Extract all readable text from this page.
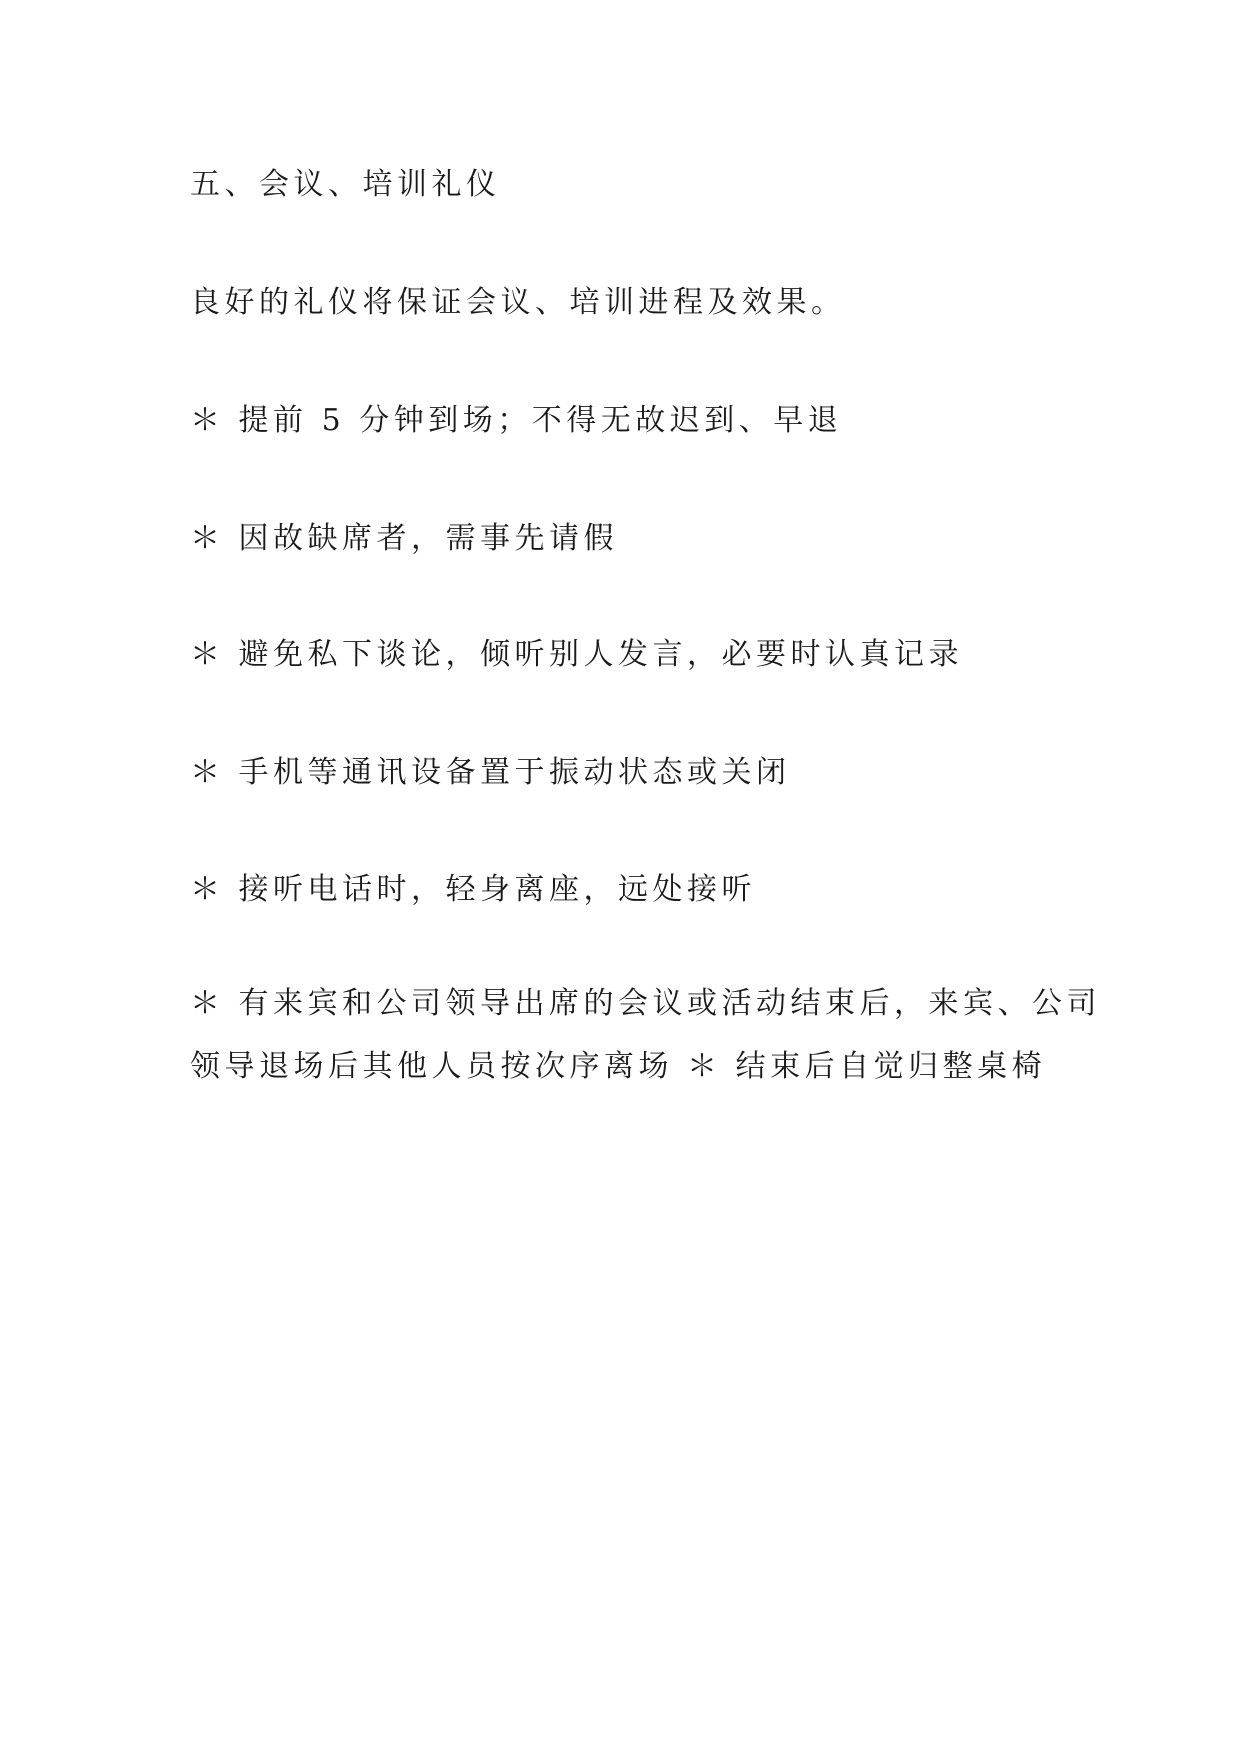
五、会议、培训礼仪
良好的礼仪将保证会议、培训进程及效果。
＊ 提前 5 分钟到场；不得无故迟到、早退
＊ 因故缺席者，需事先请假
＊ 避免私下谈论，倾听别人发言，必要时认真记录
＊ 手机等通讯设备置于振动状态或关闭
＊ 接听电话时，轻身离座，远处接听
＊ 有来宾和公司领导出席的会议或活动结束后，来宾、公司
领导退场后其他人员按次序离场 ＊ 结束后自觉归整桌椅
